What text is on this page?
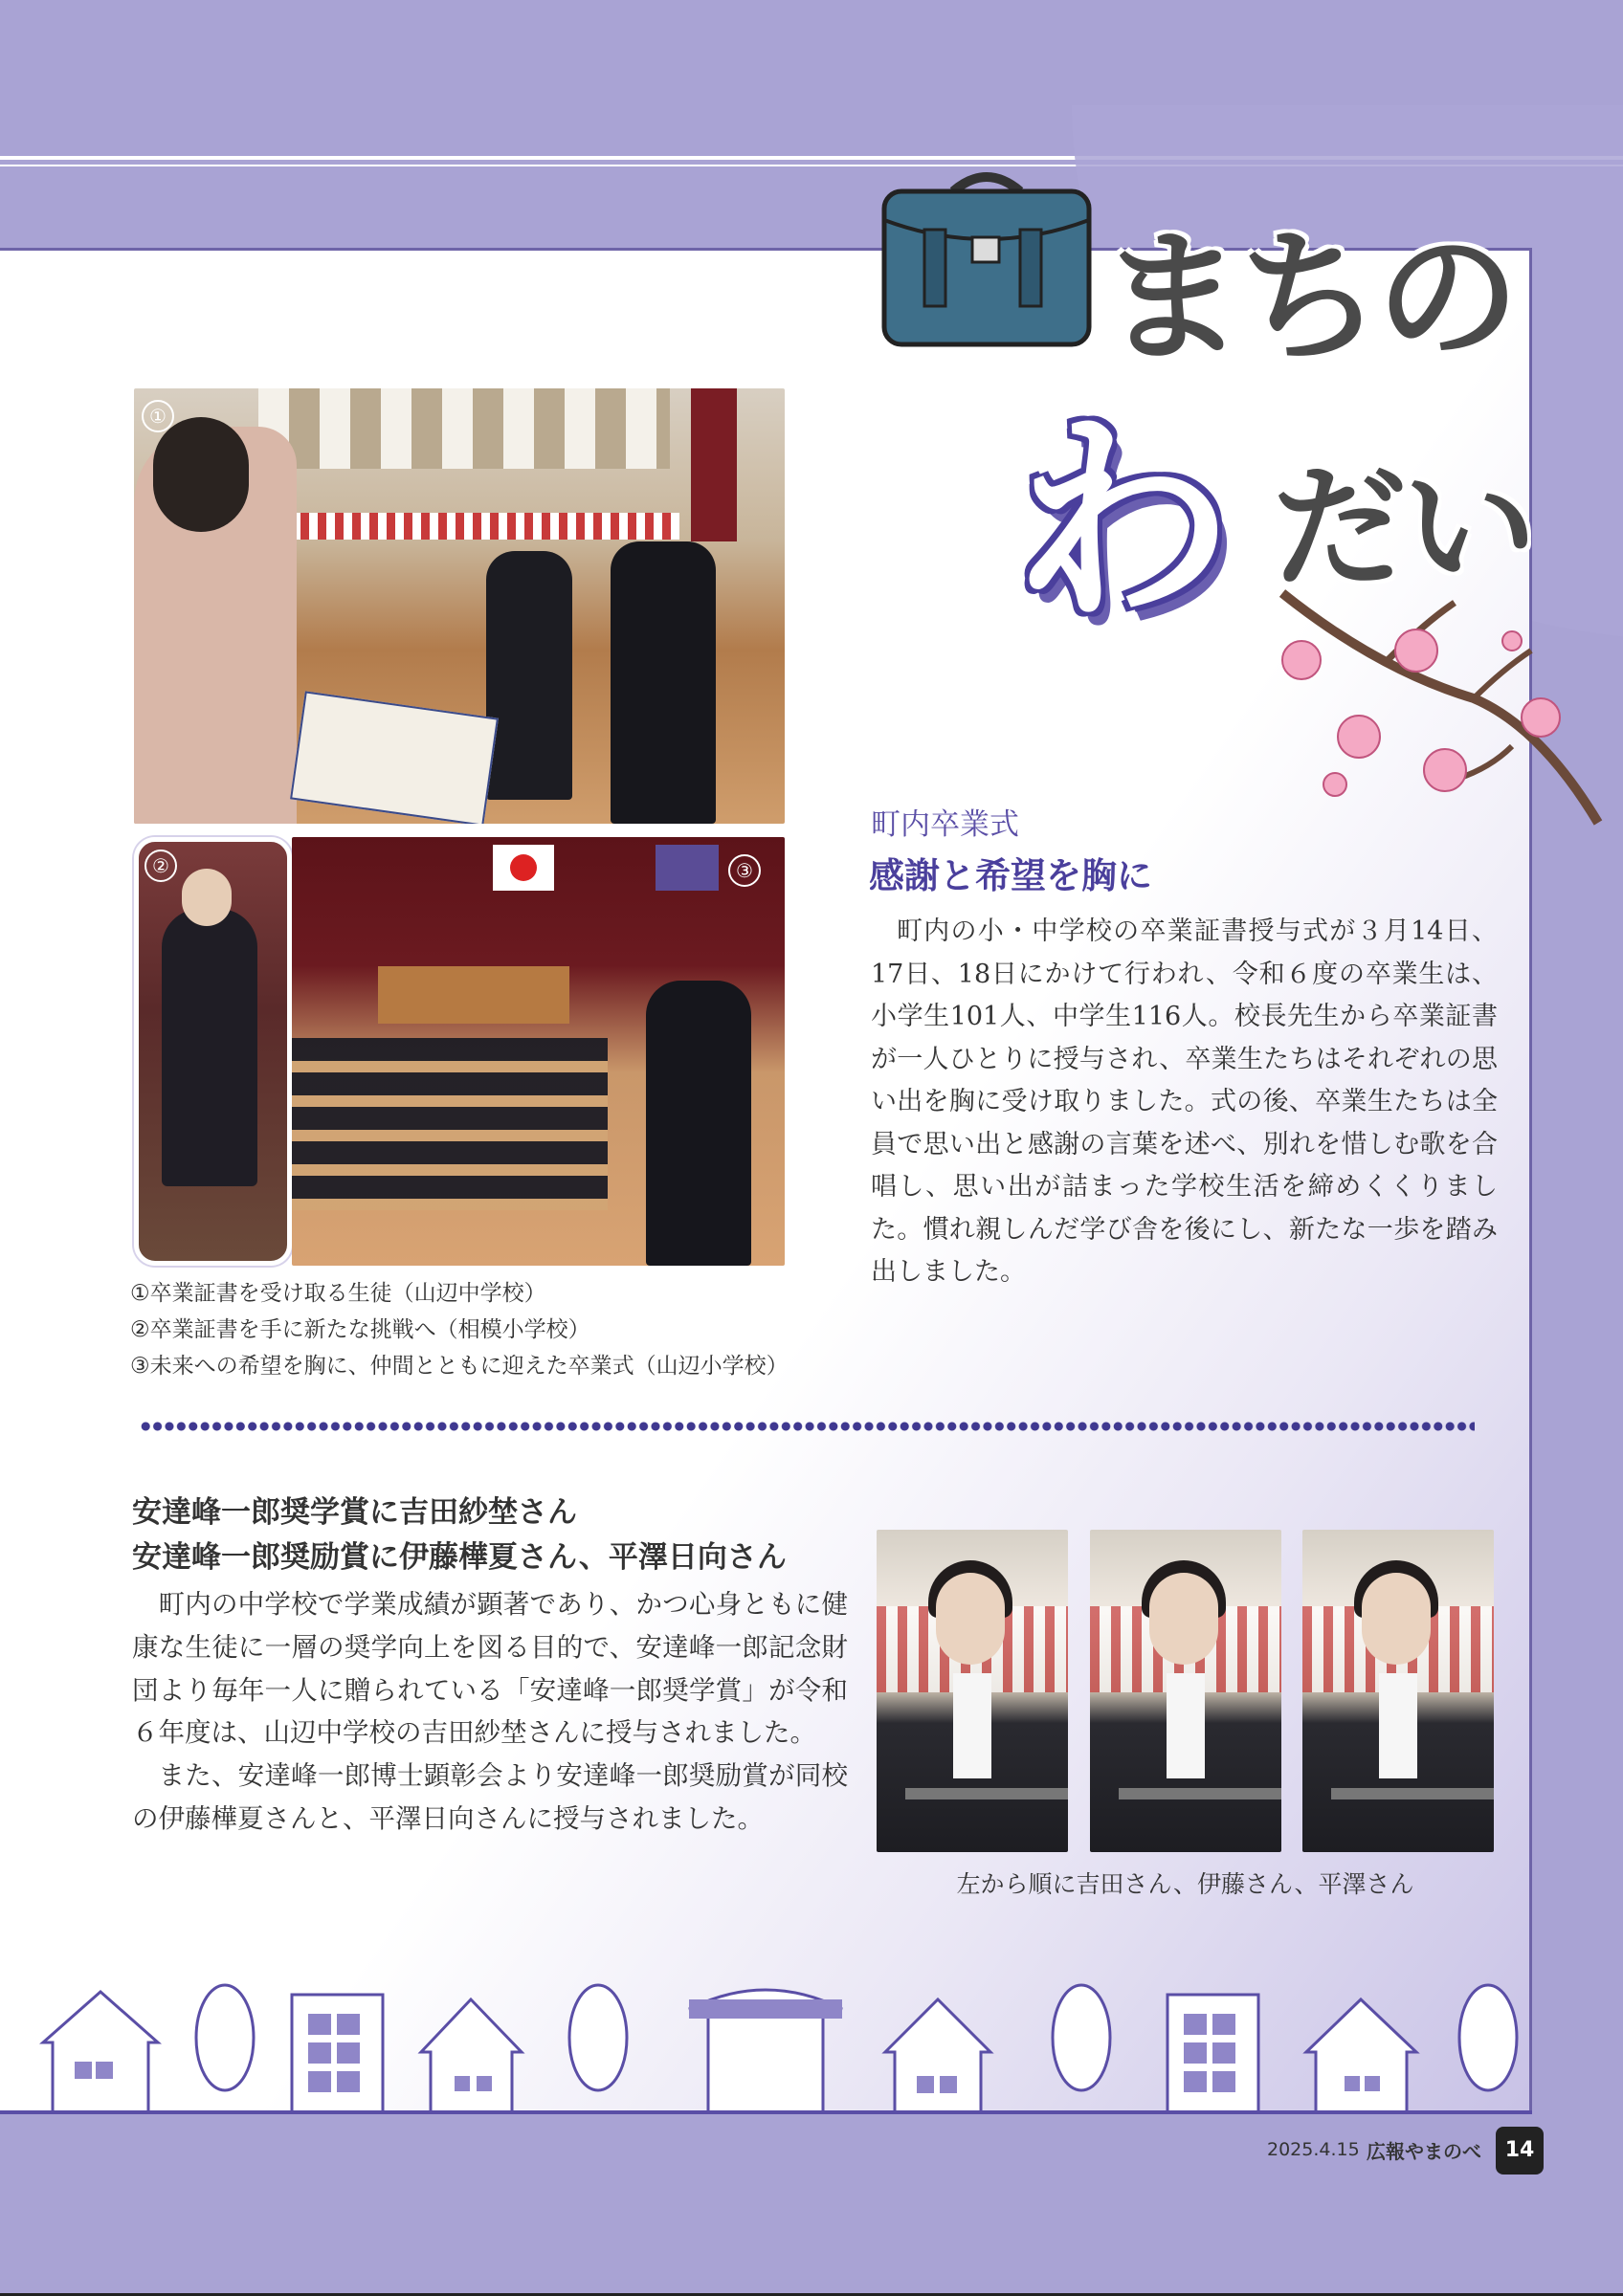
まちの
わ だい
①
②	③
①卒業証書を受け取る生徒（山辺中学校）
②卒業証書を手に新たな挑戦へ（相模小学校）
③未来への希望を胸に、仲間とともに迎えた卒業式（山辺小学校）
町内卒業式
感謝と希望を胸に

町内の小・中学校の卒業証書授与式が３月14日、17日、18日にかけて行われ、令和６度の卒業生は、小学生101人、中学生116人。校長先生から卒業証書が一人ひとりに授与され、卒業生たちはそれぞれの思い出を胸に受け取りました。式の後、卒業生たちは全員で思い出と感謝の言葉を述べ、別れを惜しむ歌を合唱し、思い出が詰まった学校生活を締めくくりました。慣れ親しんだ学び舎を後にし、新たな一歩を踏み出しました。

安達峰一郎奨学賞に吉田紗埜さん
安達峰一郎奨励賞に伊藤樺夏さん、平澤日向さん

町内の中学校で学業成績が顕著であり、かつ心身ともに健康な生徒に一層の奨学向上を図る目的で、安達峰一郎記念財団より毎年一人に贈られている「安達峰一郎奨学賞」が令和６年度は、山辺中学校の吉田紗埜さんに授与されました。

また、安達峰一郎博士顕彰会より安達峰一郎奨励賞が同校の伊藤樺夏さんと、平澤日向さんに授与されました。

左から順に吉田さん、伊藤さん、平澤さん
2025.4.15 広報やまのべ	14
